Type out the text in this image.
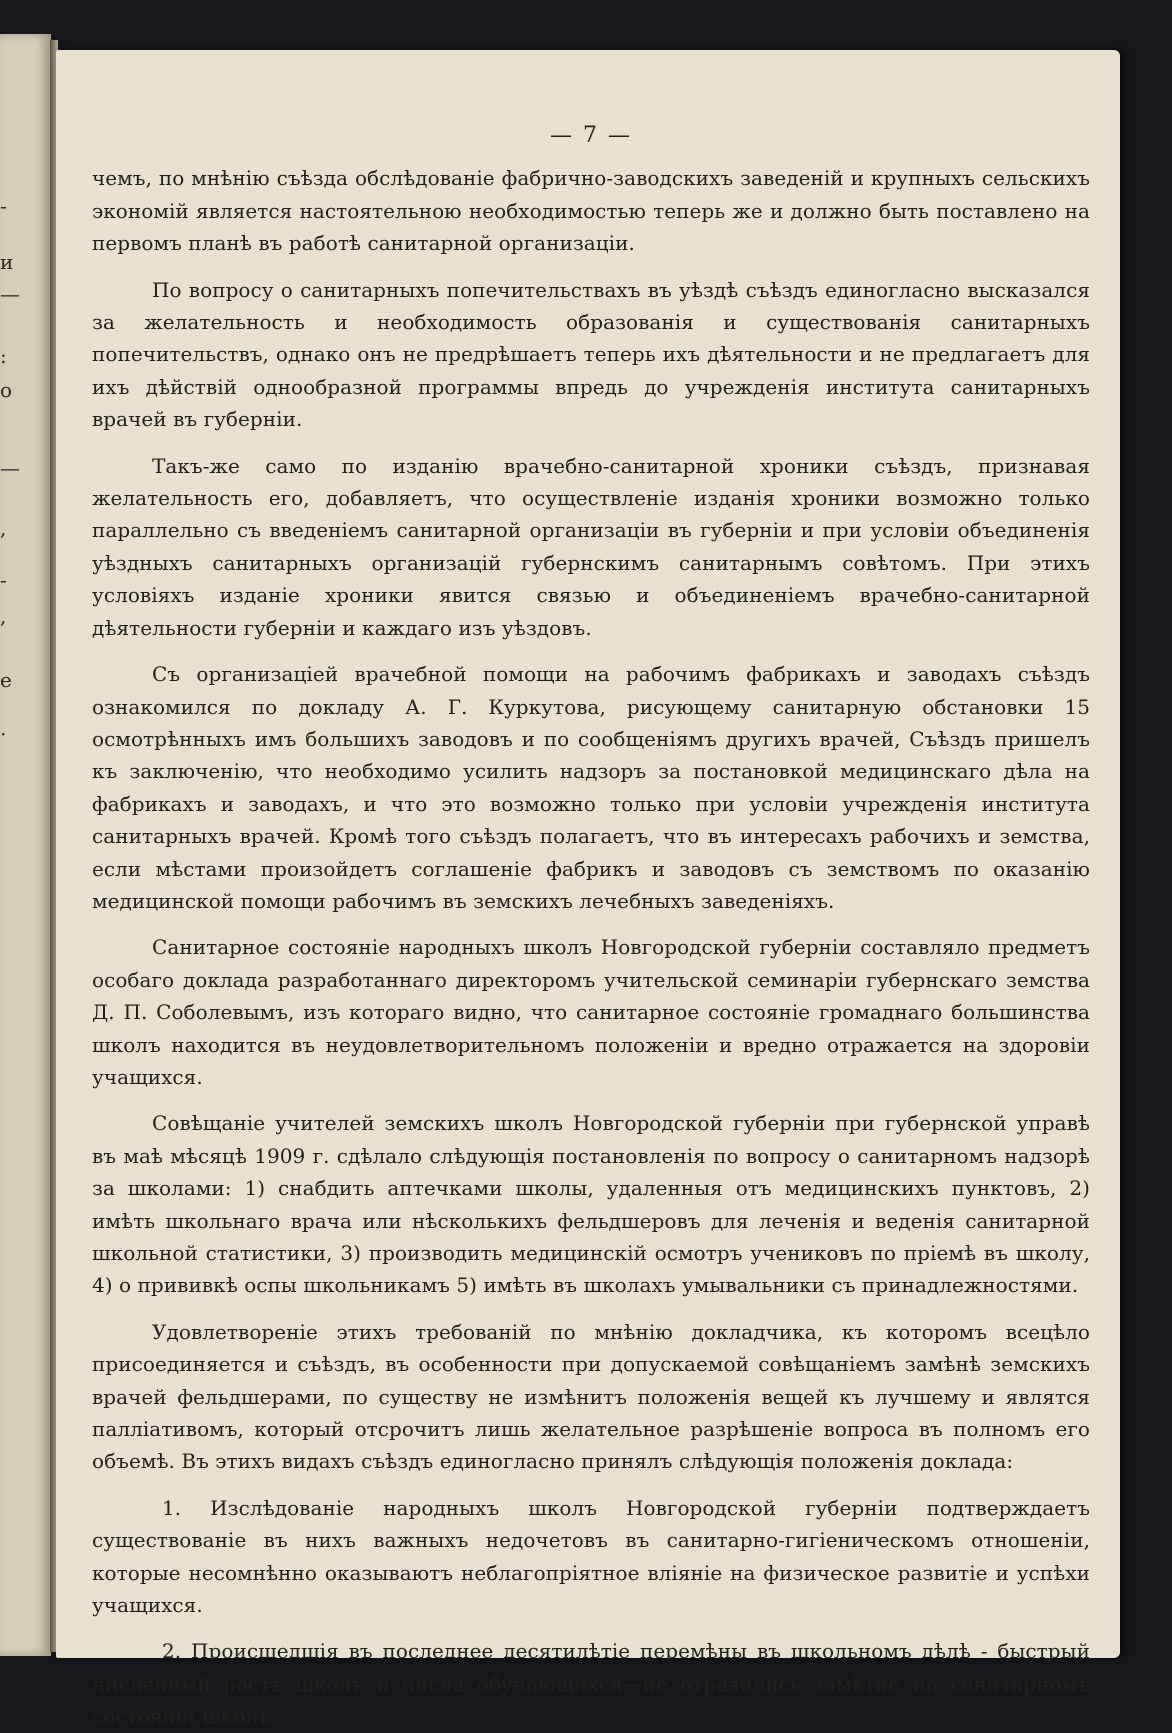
-
и
—
:
о
—
,
-
,
е
·
— 7 —

чемъ, по мнѣнію съѣзда обслѣдованіе фабрично-заводскихъ заведеній и крупныхъ сельскихъ экономій является настоятельною необходимостью теперь же и должно быть поставлено на первомъ планѣ въ работѣ санитарной организаціи.

По вопросу о санитарныхъ попечительствахъ въ уѣздѣ съѣздъ единогласно высказался за желательность и необходимость образованія и существованія санитарныхъ попечительствъ, однако онъ не предрѣшаетъ теперь ихъ дѣятельности и не предлагаетъ для ихъ дѣйствій однообразной программы впредь до учрежденія института санитарныхъ врачей въ губерніи.

Такъ-же само по изданію врачебно-санитарной хроники съѣздъ, признавая желательность его, добавляетъ, что осуществленіе изданія хроники возможно только параллельно съ введеніемъ санитарной организаціи въ губерніи и при условіи объединенія уѣздныхъ санитарныхъ организацій губернскимъ санитарнымъ совѣтомъ. При этихъ условіяхъ изданіе хроники явится связью и объединеніемъ врачебно-санитарной дѣятельности губерніи и каждаго изъ уѣздовъ.

Съ организаціей врачебной помощи на рабочимъ фабрикахъ и заводахъ съѣздъ ознакомился по докладу А. Г. Куркутова, рисующему санитарную обстановки 15 осмотрѣнныхъ имъ большихъ заводовъ и по сообщеніямъ другихъ врачей, Съѣздъ пришелъ къ заключенію, что необходимо усилить надзоръ за постановкой медицинскаго дѣла на фабрикахъ и заводахъ, и что это возможно только при условіи учрежденія института санитарныхъ врачей. Кромѣ того съѣздъ полагаетъ, что въ интересахъ рабочихъ и земства, если мѣстами произойдетъ соглашеніе фабрикъ и заводовъ съ земствомъ по оказанію медицинской помощи рабочимъ въ земскихъ лечебныхъ заведеніяхъ.

Санитарное состояніе народныхъ школъ Новгородской губерніи составляло предметъ особаго доклада разработаннаго директоромъ учительской семинаріи губернскаго земства Д. П. Соболевымъ, изъ котораго видно, что санитарное состояніе громаднаго большинства школъ находится въ неудовлетворительномъ положеніи и вредно отражается на здоровіи учащихся.

Совѣщаніе учителей земскихъ школъ Новгородской губерніи при губернской управѣ въ маѣ мѣсяцѣ 1909 г. сдѣлало слѣдующія постановленія по вопросу о санитарномъ надзорѣ за школами: 1) снабдить аптечками школы, удаленныя отъ медицинскихъ пунктовъ, 2) имѣть школьнаго врача или нѣсколькихъ фельдшеровъ для леченія и веденія санитарной школьной статистики, 3) производить медицинскій осмотръ учениковъ по пріемѣ въ школу, 4) о прививкѣ оспы школьникамъ 5) имѣть въ школахъ умывальники съ принадлежностями.

Удовлетвореніе этихъ требованій по мнѣнію докладчика, къ которомъ всецѣло присоединяется и съѣздъ, въ особенности при допускаемой совѣщаніемъ замѣнѣ земскихъ врачей фельдшерами, по существу не измѣнитъ положенія вещей къ лучшему и являтся палліативомъ, который отсрочитъ лишь желательное разрѣшеніе вопроса въ полномъ его объемѣ. Въ этихъ видахъ съѣздъ единогласно принялъ слѣдующія положенія доклада:

1. Изслѣдованіе народныхъ школъ Новгородской губерніи подтверждаетъ существованіе въ нихъ важныхъ недочетовъ въ санитарно-гигіеническомъ отношеніи, которые несомнѣнно оказываютъ неблагопріятное вліяніе на физическое развитіе и успѣхи учащихся.

2. Происшедшія въ последнее десятилѣтіе перемѣны въ школьномъ дѣлѣ - быстрый численный ростъ школъ и числа обучающихся—не отразились замѣтно на санитарномъ состояніи школъ.
